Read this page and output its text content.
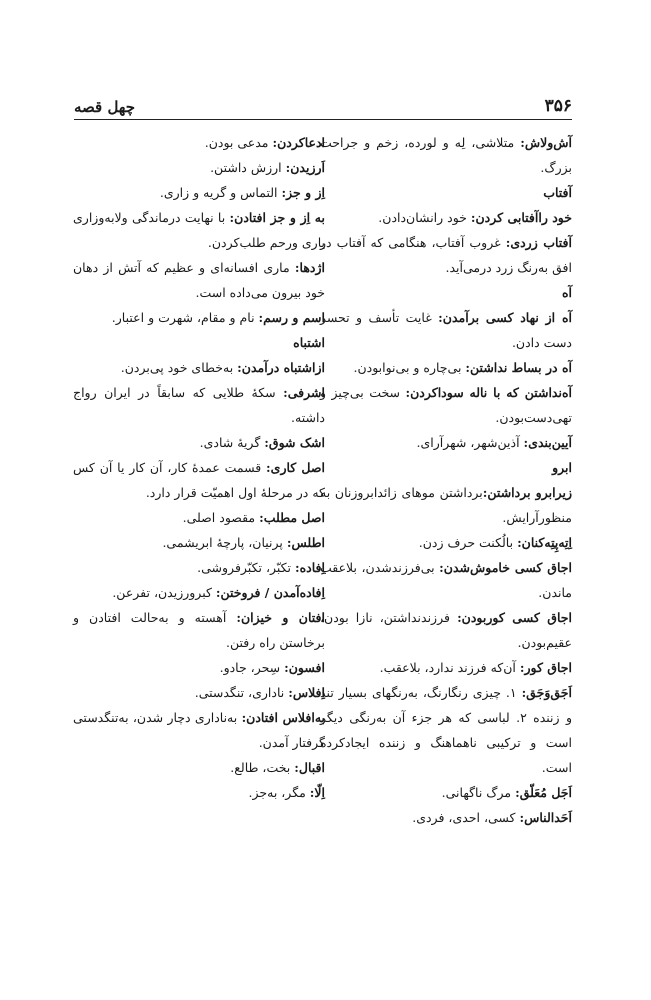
چهل قصه	۳۵۶
آش‌ولاش: متلاشی، لِه و لورده، زخم و جراحت بزرگ.
آفتاب
خود راآفتابی کردن: خود رانشان‌دادن.
آفتاب زردی: غروب آفتاب، هنگامی که آفتاب در افق به‌رنگ زرد درمی‌آید.
آه
آه از نهاد کسی برآمدن: غایت تأسف و تحسر دست دادن.
آه در بساط نداشتن: بی‌چاره و بی‌نوابودن.
آه‌نداشتن که با ناله سوداکردن: سخت بی‌چیز و تهی‌دست‌بودن.
آیین‌بندی: آذین‌شهر، شهرآرای.
ابرو
زیرابرو برداشتن:برداشتن موهای زائدابروزنان به منظورآرایش.
اِتِه‌پِتِه‌کنان: بالُکنت حرف زدن.
اجاق کسی خاموش‌شدن: بی‌فرزندشدن، بلاعقب ماندن.
اجاق کسی کوربودن: فرزندنداشتن، نازا بودن، عقیم‌بودن.
اجاق کور: آن‌که فرزند ندارد، بلاعقب.
اَجَق‌وَجَق: ۱. چیزی رنگارنگ، به‌رنگهای بسیار تند و زننده ۲. لباسی که هر جزء آن به‌رنگی دیگر است و ترکیبی ناهماهنگ و زننده ایجادکرده است.
اَجَل مُعَلّق: مرگ ناگهانی.
اَحَدالناس: کسی، احدی، فردی.
ادعاکردن: مدعی بودن.
اَرزیدن: ارزش داشتن.
اِز و جز: التماس و گریه و زاری.
به اِز و جز افتادن: با نهایت درماندگی ولابه‌وزاری یاری ورحم طلب‌کردن.
اژدها: ماری افسانه‌ای و عظیم که آتش از دهان خود بیرون می‌داده است.
اسم و رسم: نام و مقام، شهرت و اعتبار.
اشتباه
ازاشتباه درآمدن: به‌خطای خود پی‌بردن.
اشرفی: سکهٔ طلایی که سابقاً در ایران رواج داشته.
اشک شوق: گریهٔ شادی.
اصل کاری: قسمت عمدهٔ کار، آن کار یا آن کس که در مرحلهٔ اول اهمیّت قرار دارد.
اصل مطلب: مقصود اصلی.
اطلس: پرنیان، پارچهٔ ابریشمی.
اِفاده: تکبّر، تکبّرفروشی.
اِفاده‌آمدن / فروختن: کبرورزیدن، تفرعن.
افتان و خیزان: آهسته و به‌حالت افتادن و برخاستن راه رفتن.
افسون: سِحر، جادو.
اِفلاس: ناداری، تنگدستی.
به‌افلاس افتادن: به‌ناداری دچار شدن، به‌تنگدستی گرفتار آمدن.
اقبال: بخت، طالع.
اِلّا: مگر، به‌جز.
